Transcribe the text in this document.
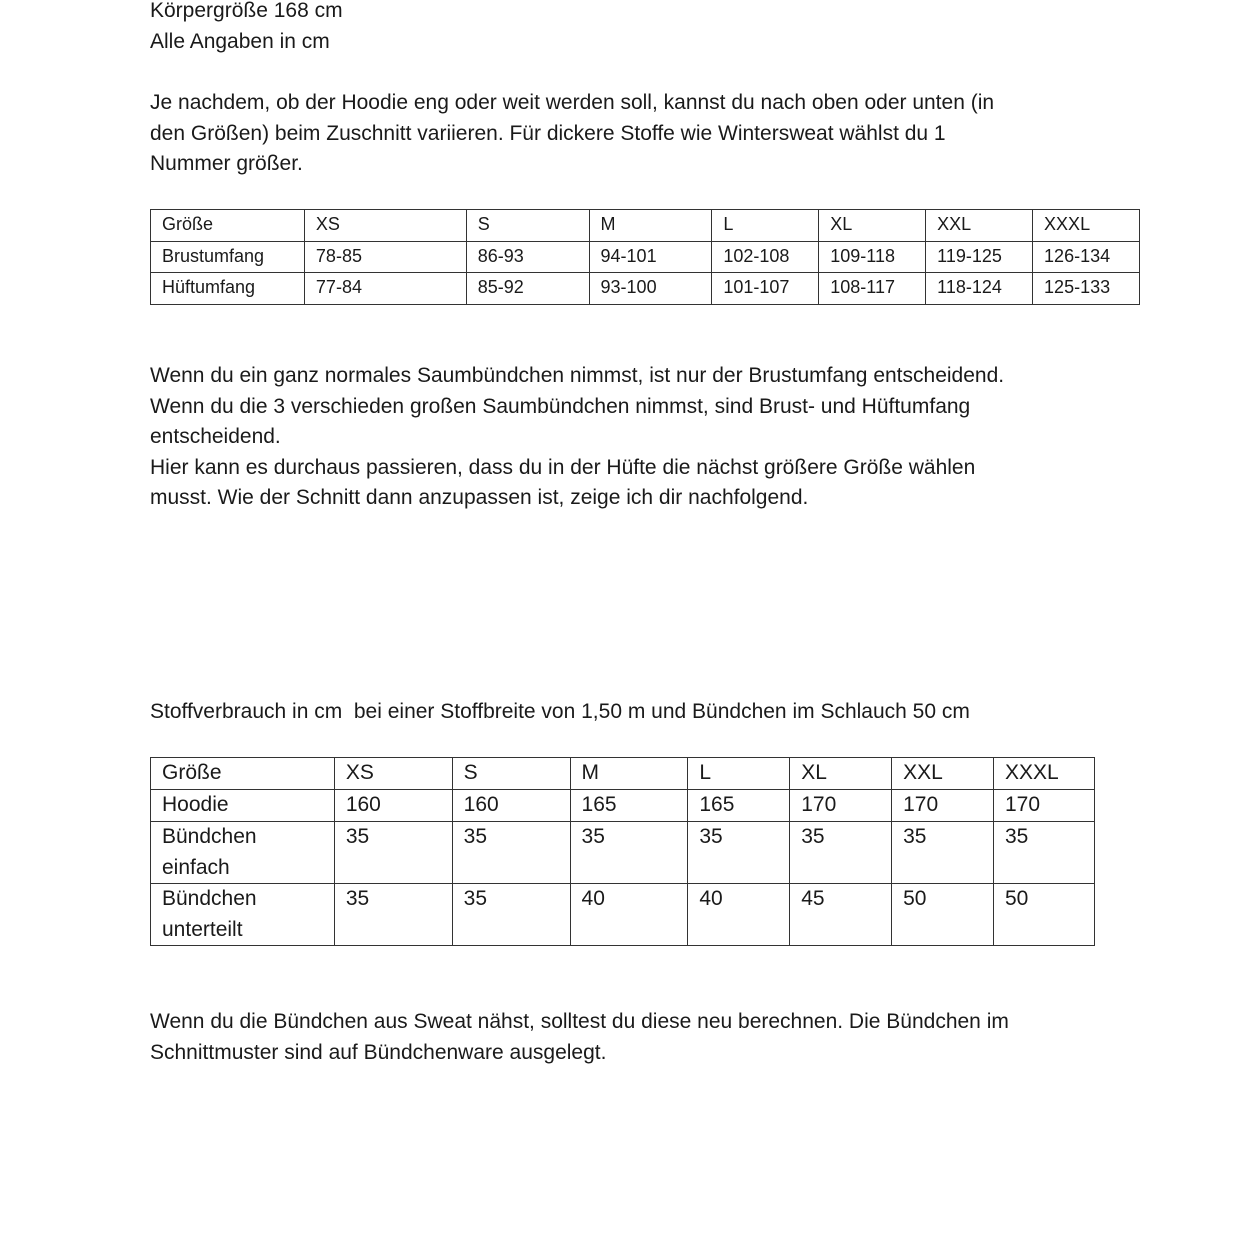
Körpergröße 168 cm
Alle Angaben in cm
Je nachdem, ob der Hoodie eng oder weit werden soll, kannst du nach oben oder unten (in
den Größen) beim Zuschnitt variieren. Für dickere Stoffe wie Wintersweat wählst du 1
Nummer größer.
Größe	XS	S	M	L	XL	XXL	XXXL
Brustumfang	78-85	86-93	94-101	102-108	109-118	119-125	126-134
Hüftumfang	77-84	85-92	93-100	101-107	108-117	118-124	125-133
Wenn du ein ganz normales Saumbündchen nimmst, ist nur der Brustumfang entscheidend.
Wenn du die 3 verschieden großen Saumbündchen nimmst, sind Brust- und Hüftumfang
entscheidend.
Hier kann es durchaus passieren, dass du in der Hüfte die nächst größere Größe wählen
musst. Wie der Schnitt dann anzupassen ist, zeige ich dir nachfolgend.
Stoffverbrauch in cm  bei einer Stoffbreite von 1,50 m und Bündchen im Schlauch 50 cm
Größe	XS	S	M	L	XL	XXL	XXXL
Hoodie	160	160	165	165	170	170	170

Bündchen
einfach	35	35	35	35	35	35	35

Bündchen
unterteilt	35	35	40	40	45	50	50
Wenn du die Bündchen aus Sweat nähst, solltest du diese neu berechnen. Die Bündchen im
Schnittmuster sind auf Bündchenware ausgelegt.
